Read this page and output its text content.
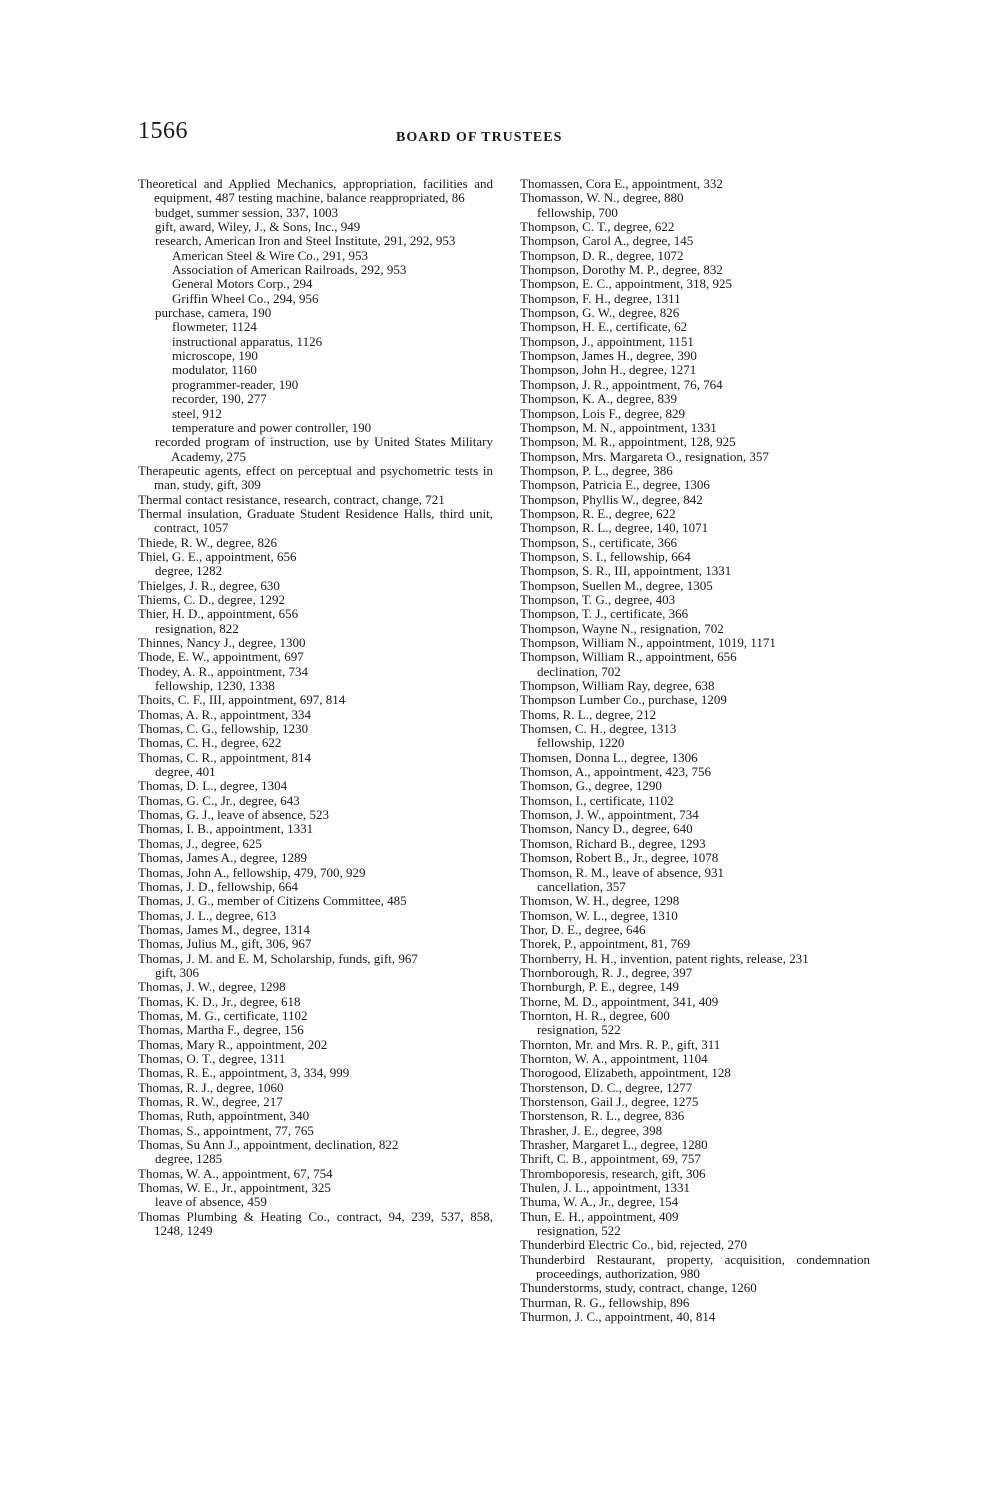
1566	BOARD OF TRUSTEES
Theoretical and Applied Mechanics, appropriation, facilities and equipment, 487 testing machine, balance reappropriated, 86
budget, summer session, 337, 1003
gift, award, Wiley, J., & Sons, Inc., 949
research, American Iron and Steel Institute, 291, 292, 953
American Steel & Wire Co., 291, 953
Association of American Railroads, 292, 953
General Motors Corp., 294
Griffin Wheel Co., 294, 956
purchase, camera, 190
flowmeter, 1124
instructional apparatus, 1126
microscope, 190
modulator, 1160
programmer-reader, 190
recorder, 190, 277
steel, 912
temperature and power controller, 190
recorded program of instruction, use by United States Military Academy, 275
Therapeutic agents, effect on perceptual and psychometric tests in man, study, gift, 309
Thermal contact resistance, research, contract, change, 721
Thermal insulation, Graduate Student Residence Halls, third unit, contract, 1057
Thiede, R. W., degree, 826
Thiel, G. E., appointment, 656
degree, 1282
Thielges, J. R., degree, 630
Thiems, C. D., degree, 1292
Thier, H. D., appointment, 656
resignation, 822
Thinnes, Nancy J., degree, 1300
Thode, E. W., appointment, 697
Thodey, A. R., appointment, 734
fellowship, 1230, 1338
Thoits, C. F., III, appointment, 697, 814
Thomas, A. R., appointment, 334
Thomas, C. G., fellowship, 1230
Thomas, C. H., degree, 622
Thomas, C. R., appointment, 814
degree, 401
Thomas, D. L., degree, 1304
Thomas, G. C., Jr., degree, 643
Thomas, G. J., leave of absence, 523
Thomas, I. B., appointment, 1331
Thomas, J., degree, 625
Thomas, James A., degree, 1289
Thomas, John A., fellowship, 479, 700, 929
Thomas, J. D., fellowship, 664
Thomas, J. G., member of Citizens Committee, 485
Thomas, J. L., degree, 613
Thomas, James M., degree, 1314
Thomas, Julius M., gift, 306, 967
Thomas, J. M. and E. M, Scholarship, funds, gift, 967
gift, 306
Thomas, J. W., degree, 1298
Thomas, K. D., Jr., degree, 618
Thomas, M. G., certificate, 1102
Thomas, Martha F., degree, 156
Thomas, Mary R., appointment, 202
Thomas, O. T., degree, 1311
Thomas, R. E., appointment, 3, 334, 999
Thomas, R. J., degree, 1060
Thomas, R. W., degree, 217
Thomas, Ruth, appointment, 340
Thomas, S., appointment, 77, 765
Thomas, Su Ann J., appointment, declination, 822
degree, 1285
Thomas, W. A., appointment, 67, 754
Thomas, W. E., Jr., appointment, 325
leave of absence, 459
Thomas Plumbing & Heating Co., contract, 94, 239, 537, 858, 1248, 1249
Thomassen, Cora E., appointment, 332
Thomasson, W. N., degree, 880
fellowship, 700
Thompson, C. T., degree, 622
Thompson, Carol A., degree, 145
Thompson, D. R., degree, 1072
Thompson, Dorothy M. P., degree, 832
Thompson, E. C., appointment, 318, 925
Thompson, F. H., degree, 1311
Thompson, G. W., degree, 826
Thompson, H. E., certificate, 62
Thompson, J., appointment, 1151
Thompson, James H., degree, 390
Thompson, John H., degree, 1271
Thompson, J. R., appointment, 76, 764
Thompson, K. A., degree, 839
Thompson, Lois F., degree, 829
Thompson, M. N., appointment, 1331
Thompson, M. R., appointment, 128, 925
Thompson, Mrs. Margareta O., resignation, 357
Thompson, P. L., degree, 386
Thompson, Patricia E., degree, 1306
Thompson, Phyllis W., degree, 842
Thompson, R. E., degree, 622
Thompson, R. L., degree, 140, 1071
Thompson, S., certificate, 366
Thompson, S. I., fellowship, 664
Thompson, S. R., III, appointment, 1331
Thompson, Suellen M., degree, 1305
Thompson, T. G., degree, 403
Thompson, T. J., certificate, 366
Thompson, Wayne N., resignation, 702
Thompson, William N., appointment, 1019, 1171
Thompson, William R., appointment, 656
declination, 702
Thompson, William Ray, degree, 638
Thompson Lumber Co., purchase, 1209
Thoms, R. L., degree, 212
Thomsen, C. H., degree, 1313
fellowship, 1220
Thomsen, Donna L., degree, 1306
Thomson, A., appointment, 423, 756
Thomson, G., degree, 1290
Thomson, I., certificate, 1102
Thomson, J. W., appointment, 734
Thomson, Nancy D., degree, 640
Thomson, Richard B., degree, 1293
Thomson, Robert B., Jr., degree, 1078
Thomson, R. M., leave of absence, 931
cancellation, 357
Thomson, W. H., degree, 1298
Thomson, W. L., degree, 1310
Thor, D. E., degree, 646
Thorek, P., appointment, 81, 769
Thornberry, H. H., invention, patent rights, release, 231
Thornborough, R. J., degree, 397
Thornburgh, P. E., degree, 149
Thorne, M. D., appointment, 341, 409
Thornton, H. R., degree, 600
resignation, 522
Thornton, Mr. and Mrs. R. P., gift, 311
Thornton, W. A., appointment, 1104
Thorogood, Elizabeth, appointment, 128
Thorstenson, D. C., degree, 1277
Thorstenson, Gail J., degree, 1275
Thorstenson, R. L., degree, 836
Thrasher, J. E., degree, 398
Thrasher, Margaret L., degree, 1280
Thrift, C. B., appointment, 69, 757
Thromboporesis, research, gift, 306
Thulen, J. L., appointment, 1331
Thuma, W. A., Jr., degree, 154
Thun, E. H., appointment, 409
resignation, 522
Thunderbird Electric Co., bid, rejected, 270
Thunderbird Restaurant, property, acquisition, condemnation proceedings, authorization, 980
Thunderstorms, study, contract, change, 1260
Thurman, R. G., fellowship, 896
Thurmon, J. C., appointment, 40, 814
